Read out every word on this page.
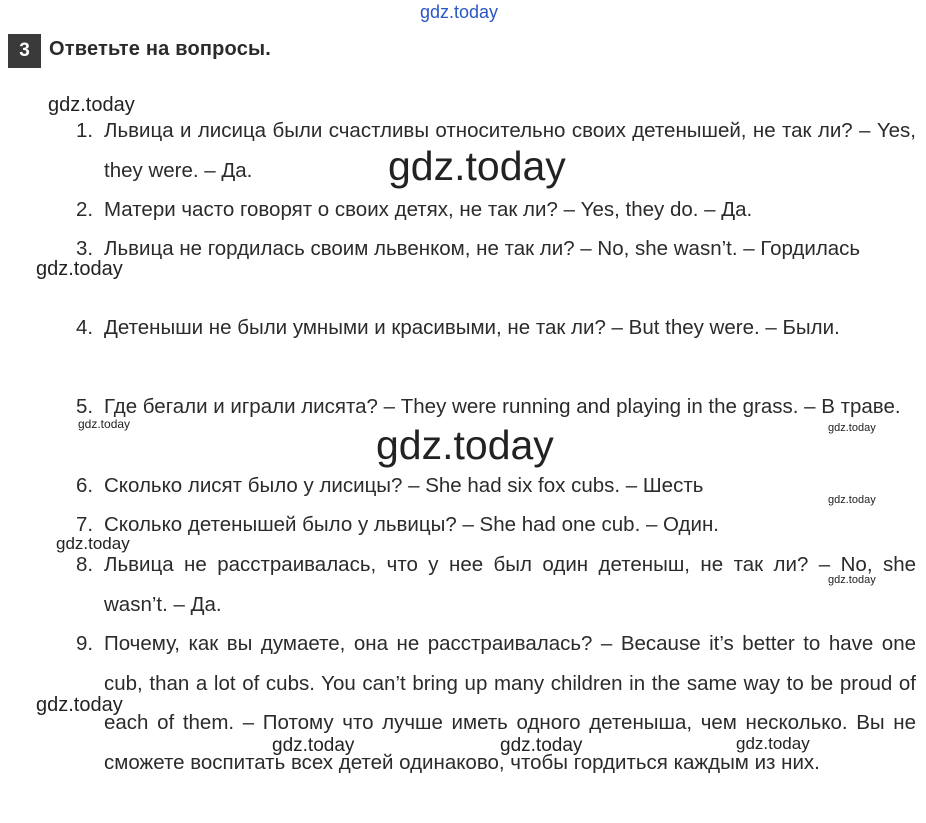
3 Ответьте на вопросы.
1. Львица и лисица были счастливы относительно своих детенышей, не так ли? – Yes, they were. – Да.
2. Матери часто говорят о своих детях, не так ли? – Yes, they do. – Да.
3. Львица не гордилась своим львенком, не так ли? – No, she wasn’t. – Гордилась
4. Детеныши не были умными и красивыми, не так ли? – But they were. – Были.
5. Где бегали и играли лисята? – They were running and playing in the grass. – В траве.
6. Сколько лисят было у лисицы? – She had six fox cubs. – Шесть
7. Сколько детенышей было у львицы? – She had one cub. – Один.
8. Львица не расстраивалась, что у нее был один детеныш, не так ли? – No, she wasn’t. – Да.
9. Почему, как вы думаете, она не расстраивалась? – Because it’s better to have one cub, than a lot of cubs. You can’t bring up many children in the same way to be proud of each of them. – Потому что лучше иметь одного детеныша, чем несколько. Вы не сможете воспитать всех детей одинаково, чтобы гордиться каждым из них.
gdz.today
gdz.today
gdz.today
gdz.today
gdz.today	gdz.today	gdz.today
gdz.today
gdz.today
gdz.today
gdz.today
gdz.today	gdz.today	gdz.today
